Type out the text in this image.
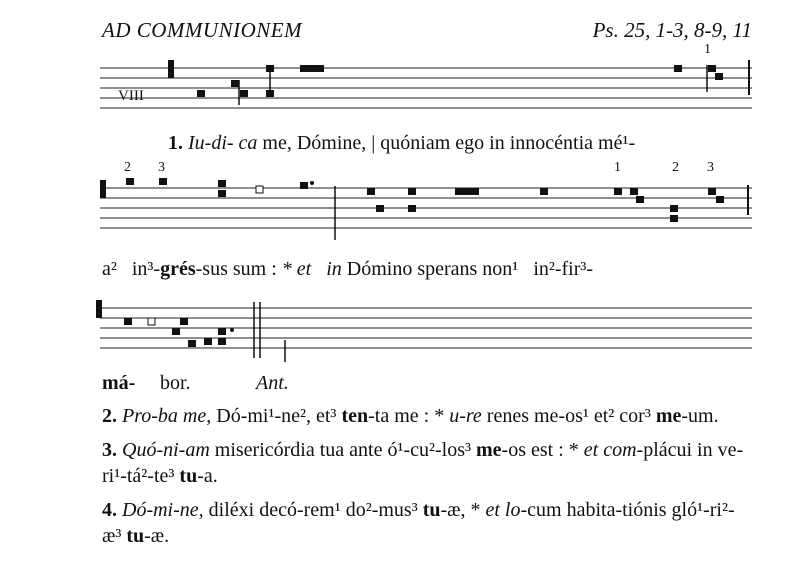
AD COMMUNIONEM	Ps. 25, 1-3, 8-9, 11
VIII
1
2 3	1	2 3
1. Iu-di- ca me, Dómine, | quóniam ego in innocéntia mé¹-
a² in³-grés-sus sum : * et in Dómino sperans non¹ in²-fir³-
má- bor.	Ant.

2. Pro-ba me, Dó-mi¹-ne², et³ ten-ta me : * u-re renes me-os¹ et² cor³ me-um.

3. Quó-ni-am misericórdia tua ante ó¹-cu²-los³ me-os est : * et com-plácui in ve-ri¹-tá²-te³ tu-a.

4. Dó-mi-ne, diléxi decó-rem¹ do²-mus³ tu-æ, * et lo-cum habita-tiónis gló¹-ri²-æ³ tu-æ.
